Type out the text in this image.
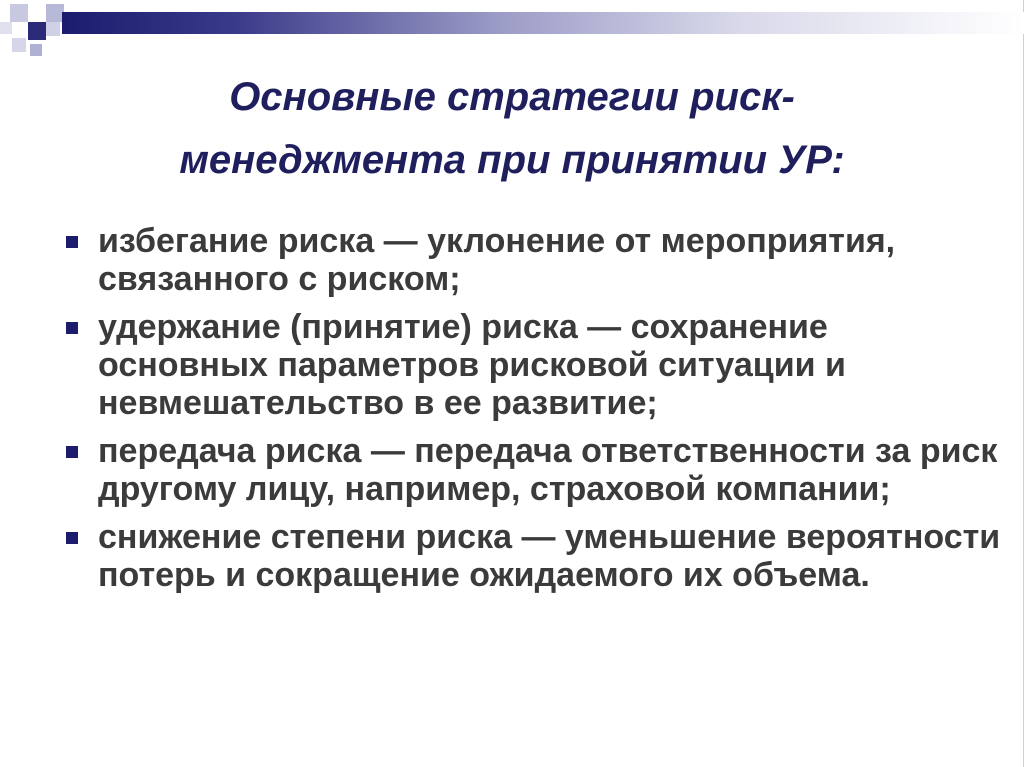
Основные стратегии риск-
менеджмента при принятии УР:
избегание риска — уклонение от мероприятия, связанного с риском;
удержание (принятие) риска — сохранение основных параметров рисковой ситуации и невмешательство в ее развитие;
передача риска — передача ответственности за риск другому лицу, например, страховой компании;
снижение степени риска — уменьшение вероятности потерь и сокращение ожидаемого их объема.
